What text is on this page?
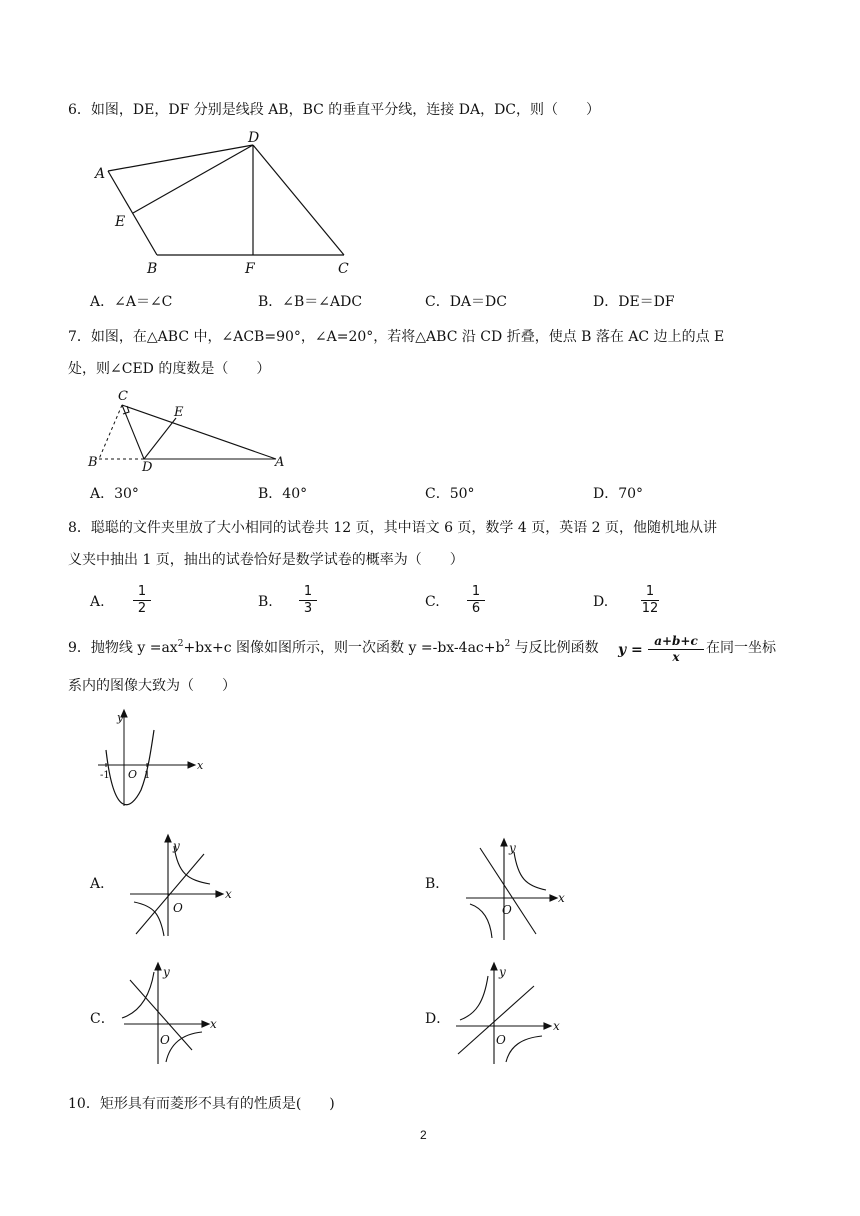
6．如图，DE，DF 分别是线段 AB，BC 的垂直平分线，连接 DA，DC，则（　　）
D
A
E
B	F	C
A．∠A＝∠C	B．∠B＝∠ADC	C．DA＝DC	D．DE＝DF
7．如图，在△ABC 中，∠ACB=90°，∠A=20°，若将△ABC 沿 CD 折叠，使点 B 落在 AC 边上的点 E
处，则∠CED 的度数是（　　）
C
E
B	D	A
A．30°	B．40°	C．50°	D．70°
8．聪聪的文件夹里放了大小相同的试卷共 12 页，其中语文 6 页，数学 4 页，英语 2 页，他随机地从讲
义夹中抽出 1 页，抽出的试卷恰好是数学试卷的概率为（　　）
A.
1
2	B.
1
3	C.
1
6	D.
1
12
9．抛物线 $y =ax^2+bx+c$ 图像如图所示，则一次函数 $y =-bx-4ac+b^2$ 与反比例函数 y =
a+b+c
x
在同一坐标
系内的图像大致为（　　）
y
x
-1 O 1
A．
y
x
O
B．
y
x
O
C．
y
x
O
D．
y
x
O
10．矩形具有而菱形不具有的性质是(　　)
2
